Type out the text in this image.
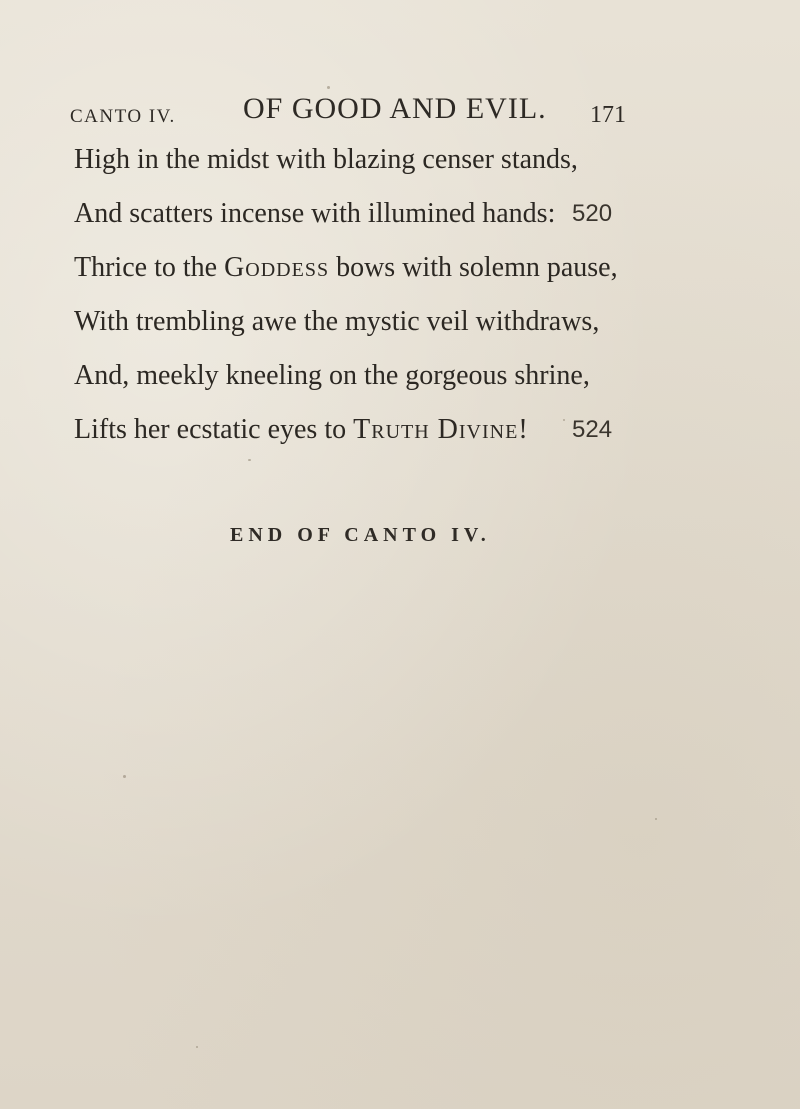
CANTO IV. OF GOOD AND EVIL. 171
High in the midst with blazing censer stands,
And scatters incense with illumined hands: 520
Thrice to the Goddess bows with solemn pause,
With trembling awe the mystic veil withdraws,
And, meekly kneeling on the gorgeous shrine,
Lifts her ecstatic eyes to Truth Divine! 524
END OF CANTO IV.
